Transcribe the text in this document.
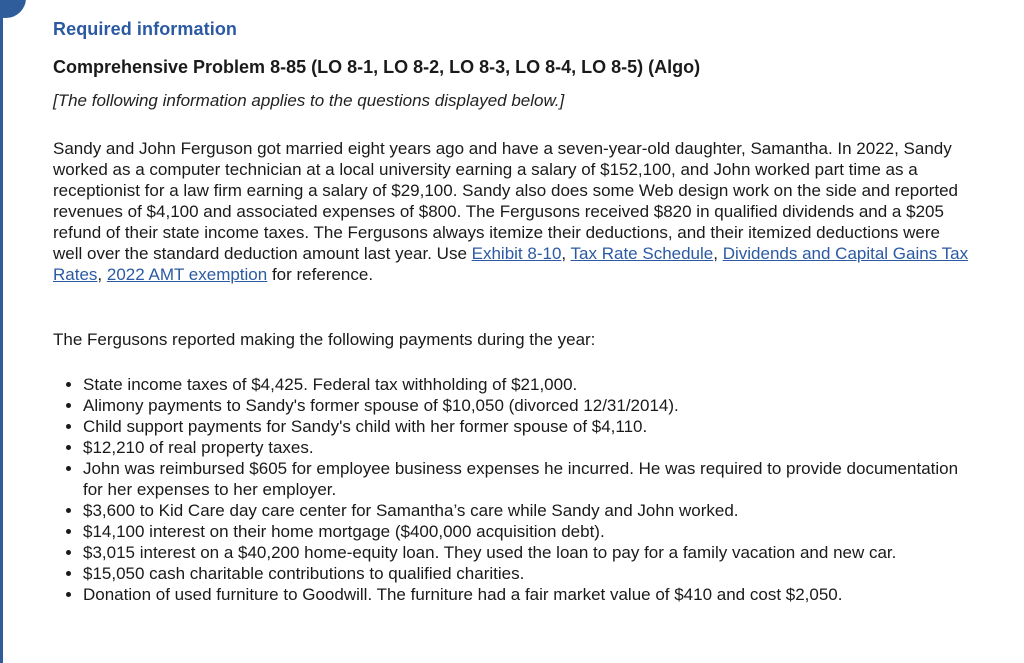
Required information
Comprehensive Problem 8-85 (LO 8-1, LO 8-2, LO 8-3, LO 8-4, LO 8-5) (Algo)
[The following information applies to the questions displayed below.]
Sandy and John Ferguson got married eight years ago and have a seven-year-old daughter, Samantha. In 2022, Sandy worked as a computer technician at a local university earning a salary of $152,100, and John worked part time as a receptionist for a law firm earning a salary of $29,100. Sandy also does some Web design work on the side and reported revenues of $4,100 and associated expenses of $800. The Fergusons received $820 in qualified dividends and a $205 refund of their state income taxes. The Fergusons always itemize their deductions, and their itemized deductions were well over the standard deduction amount last year. Use Exhibit 8-10, Tax Rate Schedule, Dividends and Capital Gains Tax Rates, 2022 AMT exemption for reference.
The Fergusons reported making the following payments during the year:
• State income taxes of $4,425. Federal tax withholding of $21,000.
• Alimony payments to Sandy's former spouse of $10,050 (divorced 12/31/2014).
• Child support payments for Sandy's child with her former spouse of $4,110.
• $12,210 of real property taxes.
• John was reimbursed $605 for employee business expenses he incurred. He was required to provide documentation for her expenses to her employer.
• $3,600 to Kid Care day care center for Samantha’s care while Sandy and John worked.
• $14,100 interest on their home mortgage ($400,000 acquisition debt).
• $3,015 interest on a $40,200 home-equity loan. They used the loan to pay for a family vacation and new car.
• $15,050 cash charitable contributions to qualified charities.
• Donation of used furniture to Goodwill. The furniture had a fair market value of $410 and cost $2,050.
